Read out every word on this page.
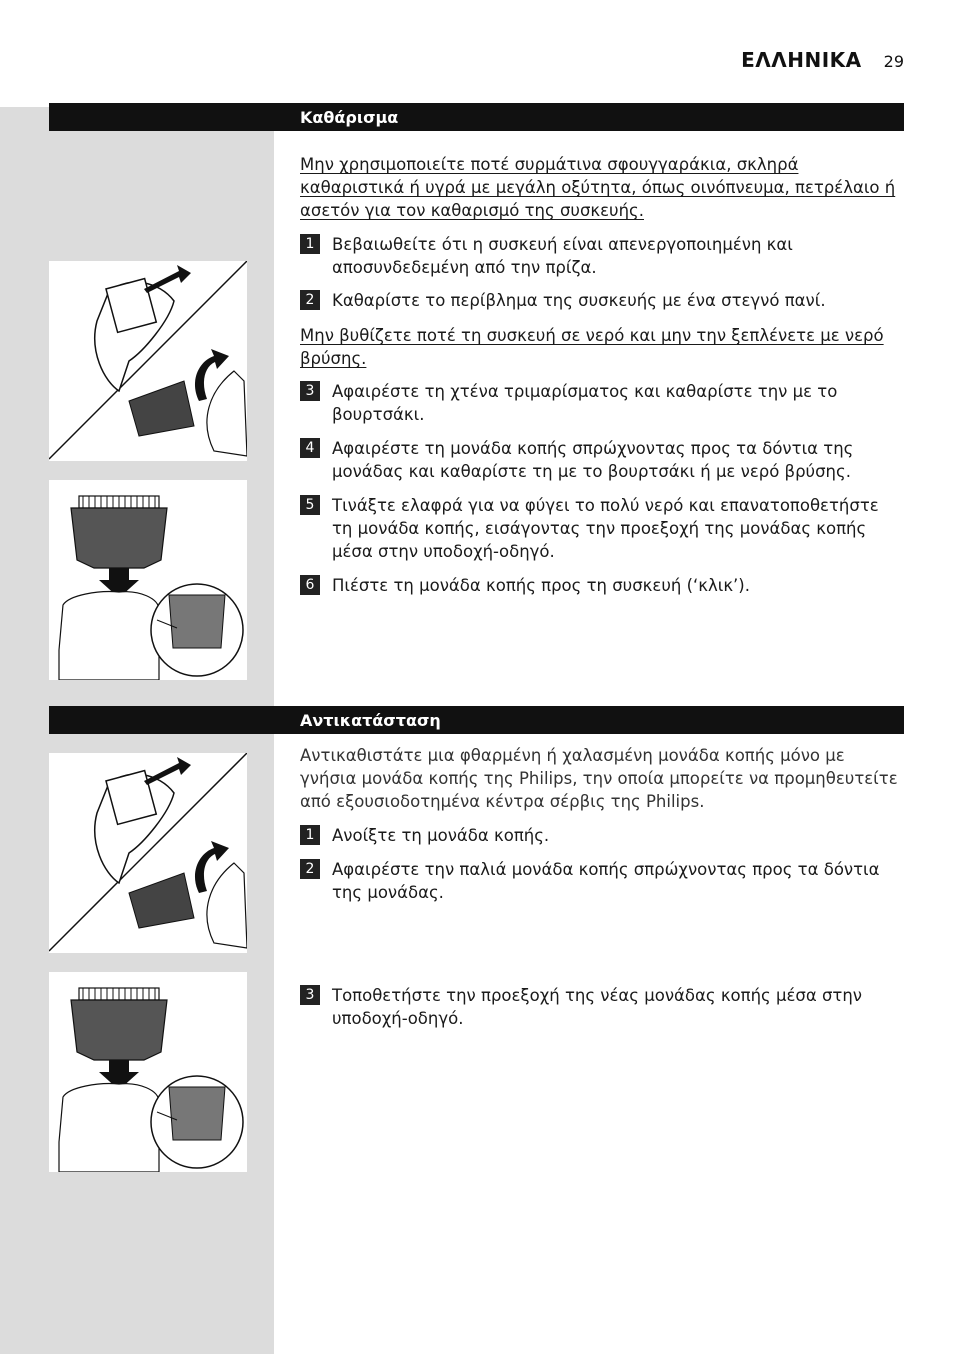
ΕΛΛΗΝΙΚΑ 29
Καθάρισμα
Μην χρησιμοποιείτε ποτέ συρμάτινα σφουγγαράκια, σκληρά καθαριστικά ή υγρά με μεγάλη οξύτητα, όπως οινόπνευμα, πετρέλαιο ή ασετόν για τον καθαρισμό της συσκευής.
1	Βεβαιωθείτε ότι η συσκευή είναι απενεργοποιημένη και αποσυνδεδεμένη από την πρίζα.
2	Καθαρίστε το περίβλημα της συσκευής με ένα στεγνό πανί.
Μην βυθίζετε ποτέ τη συσκευή σε νερό και μην την ξεπλένετε με νερό βρύσης.
3	Αφαιρέστε τη χτένα τριμαρίσματος και καθαρίστε την με το βουρτσάκι.
4	Αφαιρέστε τη μονάδα κοπής σπρώχνοντας προς τα δόντια της μονάδας και καθαρίστε τη με το βουρτσάκι ή με νερό βρύσης.
5	Τινάξτε ελαφρά για να φύγει το πολύ νερό και επανατοποθετήστε τη μονάδα κοπής, εισάγοντας την προεξοχή της μονάδας κοπής μέσα στην υποδοχή-οδηγό.
6	Πιέστε τη μονάδα κοπής προς τη συσκευή (‘κλικ’).
Αντικατάσταση
Αντικαθιστάτε μια φθαρμένη ή χαλασμένη μονάδα κοπής μόνο με γνήσια μονάδα κοπής της Philips, την οποία μπορείτε να προμηθευτείτε από εξουσιοδοτημένα κέντρα σέρβις της Philips.
1	Ανοίξτε τη μονάδα κοπής.
2	Αφαιρέστε την παλιά μονάδα κοπής σπρώχνοντας προς τα δόντια της μονάδας.
3	Τοποθετήστε την προεξοχή της νέας μονάδας κοπής μέσα στην υποδοχή-οδηγό.
